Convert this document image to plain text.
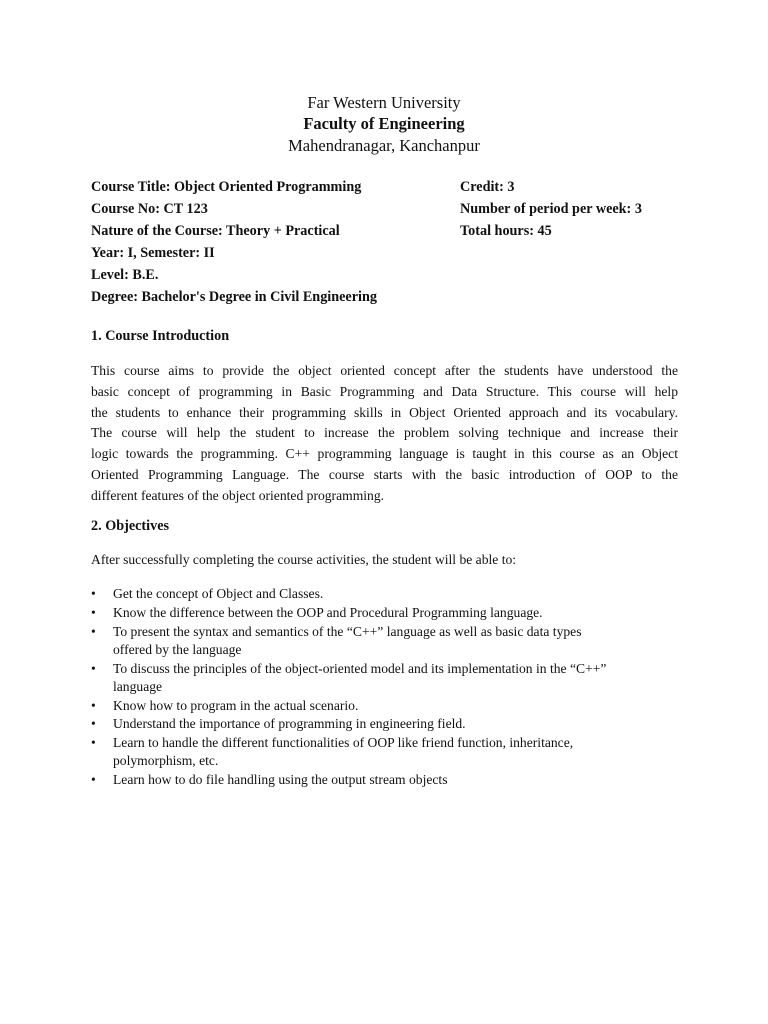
Far Western University
Faculty of Engineering
Mahendranagar, Kanchanpur
Course Title: Object Oriented Programming	Credit: 3
Course No: CT 123	Number of period per week: 3
Nature of the Course: Theory + Practical	Total hours: 45
Year: I, Semester: II
Level: B.E.
Degree: Bachelor's Degree in Civil Engineering
1. Course Introduction
This course aims to provide the object oriented concept after the students have understood the
basic concept of programming in Basic Programming and Data Structure. This course will help
the students to enhance their programming skills in Object Oriented approach and its vocabulary.
The course will help the student to increase the problem solving technique and increase their
logic towards the programming. C++ programming language is taught in this course as an Object
Oriented Programming Language. The course starts with the basic introduction of OOP to the
different features of the object oriented programming.
2. Objectives
After successfully completing the course activities, the student will be able to:
•	Get the concept of Object and Classes.
•	Know the difference between the OOP and Procedural Programming language.
•	To present the syntax and semantics of the “C++” language as well as basic data types
offered by the language
•	To discuss the principles of the object-oriented model and its implementation in the “C++”
language
•	Know how to program in the actual scenario.
•	Understand the importance of programming in engineering field.
•	Learn to handle the different functionalities of OOP like friend function, inheritance,
polymorphism, etc.
•	Learn how to do file handling using the output stream objects
